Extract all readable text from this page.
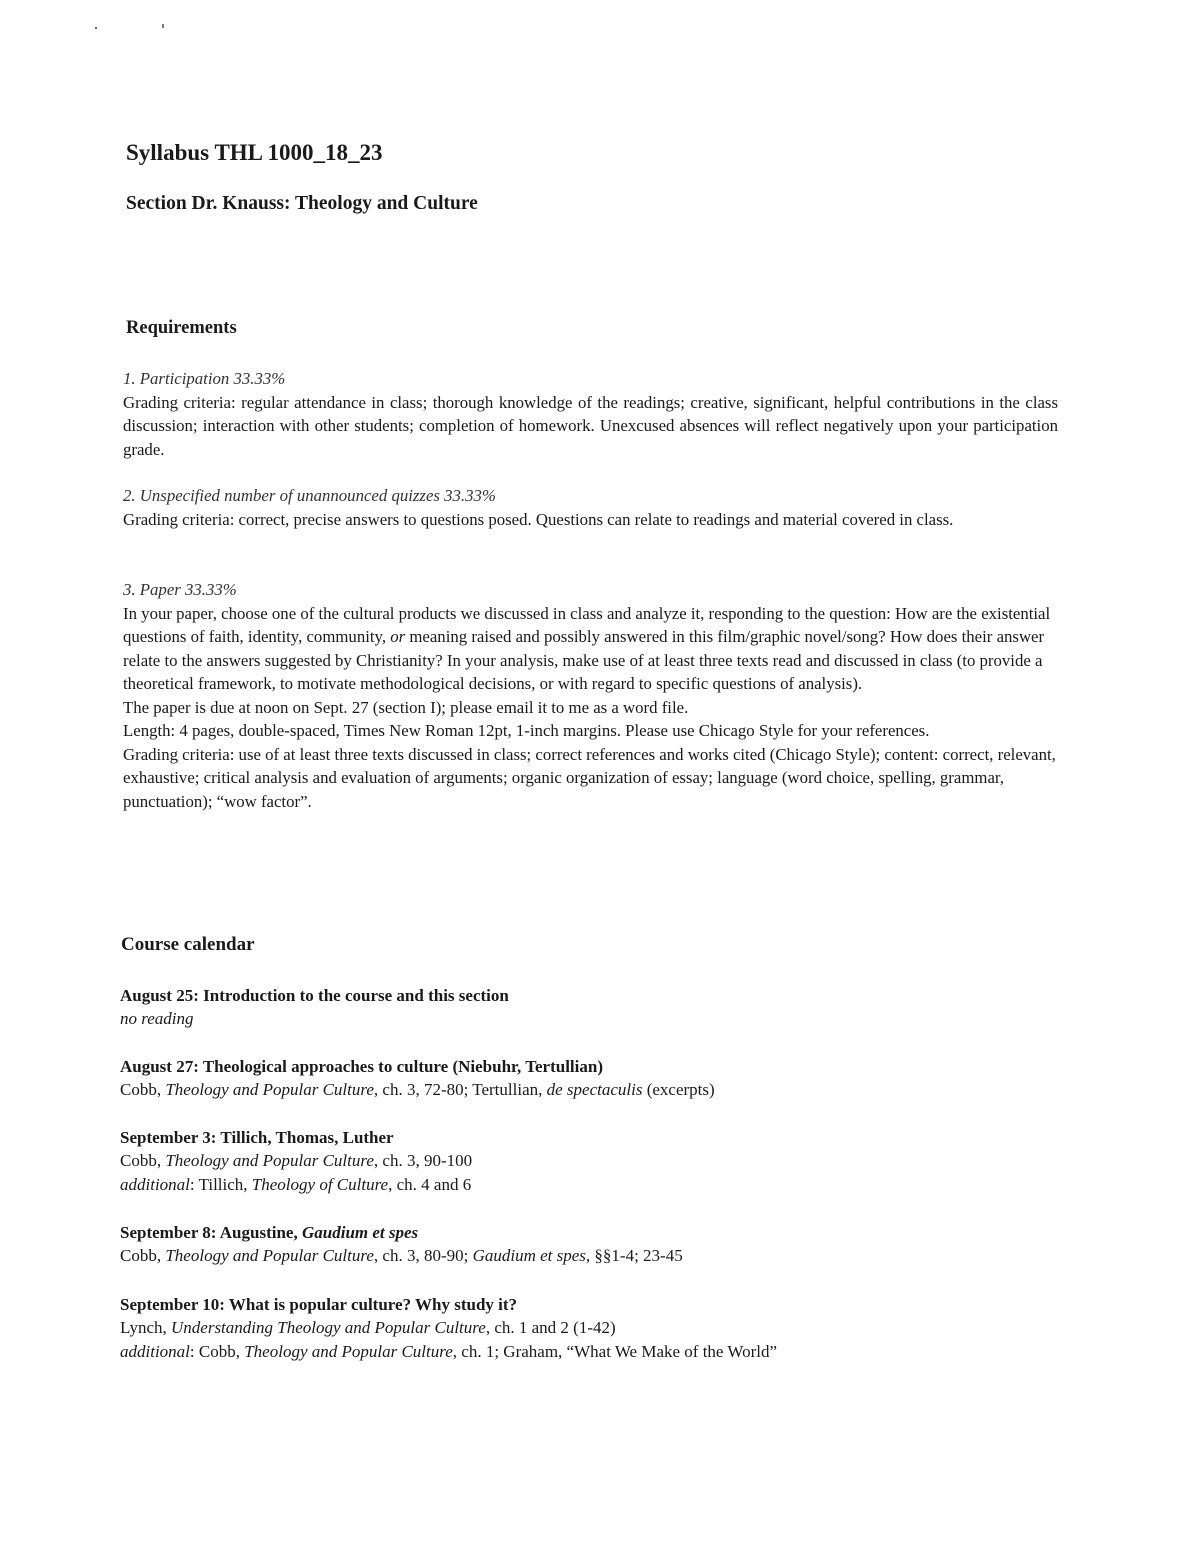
Syllabus THL 1000_18_23
Section Dr. Knauss: Theology and Culture
Requirements
1. Participation 33.33%
Grading criteria: regular attendance in class; thorough knowledge of the readings; creative, significant, helpful contributions in the class discussion; interaction with other students; completion of homework. Unexcused absences will reflect negatively upon your participation grade.
2. Unspecified number of unannounced quizzes 33.33%
Grading criteria: correct, precise answers to questions posed. Questions can relate to readings and material covered in class.
3. Paper 33.33%
In your paper, choose one of the cultural products we discussed in class and analyze it, responding to the question: How are the existential questions of faith, identity, community, or meaning raised and possibly answered in this film/graphic novel/song? How does their answer relate to the answers suggested by Christianity? In your analysis, make use of at least three texts read and discussed in class (to provide a theoretical framework, to motivate methodological decisions, or with regard to specific questions of analysis).
The paper is due at noon on Sept. 27 (section I); please email it to me as a word file.
Length: 4 pages, double-spaced, Times New Roman 12pt, 1-inch margins. Please use Chicago Style for your references.
Grading criteria: use of at least three texts discussed in class; correct references and works cited (Chicago Style); content: correct, relevant, exhaustive; critical analysis and evaluation of arguments; organic organization of essay; language (word choice, spelling, grammar, punctuation); “wow factor”.
Course calendar
August 25: Introduction to the course and this section
no reading
August 27: Theological approaches to culture (Niebuhr, Tertullian)
Cobb, Theology and Popular Culture, ch. 3, 72-80; Tertullian, de spectaculis (excerpts)
September 3: Tillich, Thomas, Luther
Cobb, Theology and Popular Culture, ch. 3, 90-100
additional: Tillich, Theology of Culture, ch. 4 and 6
September 8: Augustine, Gaudium et spes
Cobb, Theology and Popular Culture, ch. 3, 80-90; Gaudium et spes, §§1-4; 23-45
September 10: What is popular culture? Why study it?
Lynch, Understanding Theology and Popular Culture, ch. 1 and 2 (1-42)
additional: Cobb, Theology and Popular Culture, ch. 1; Graham, “What We Make of the World”
